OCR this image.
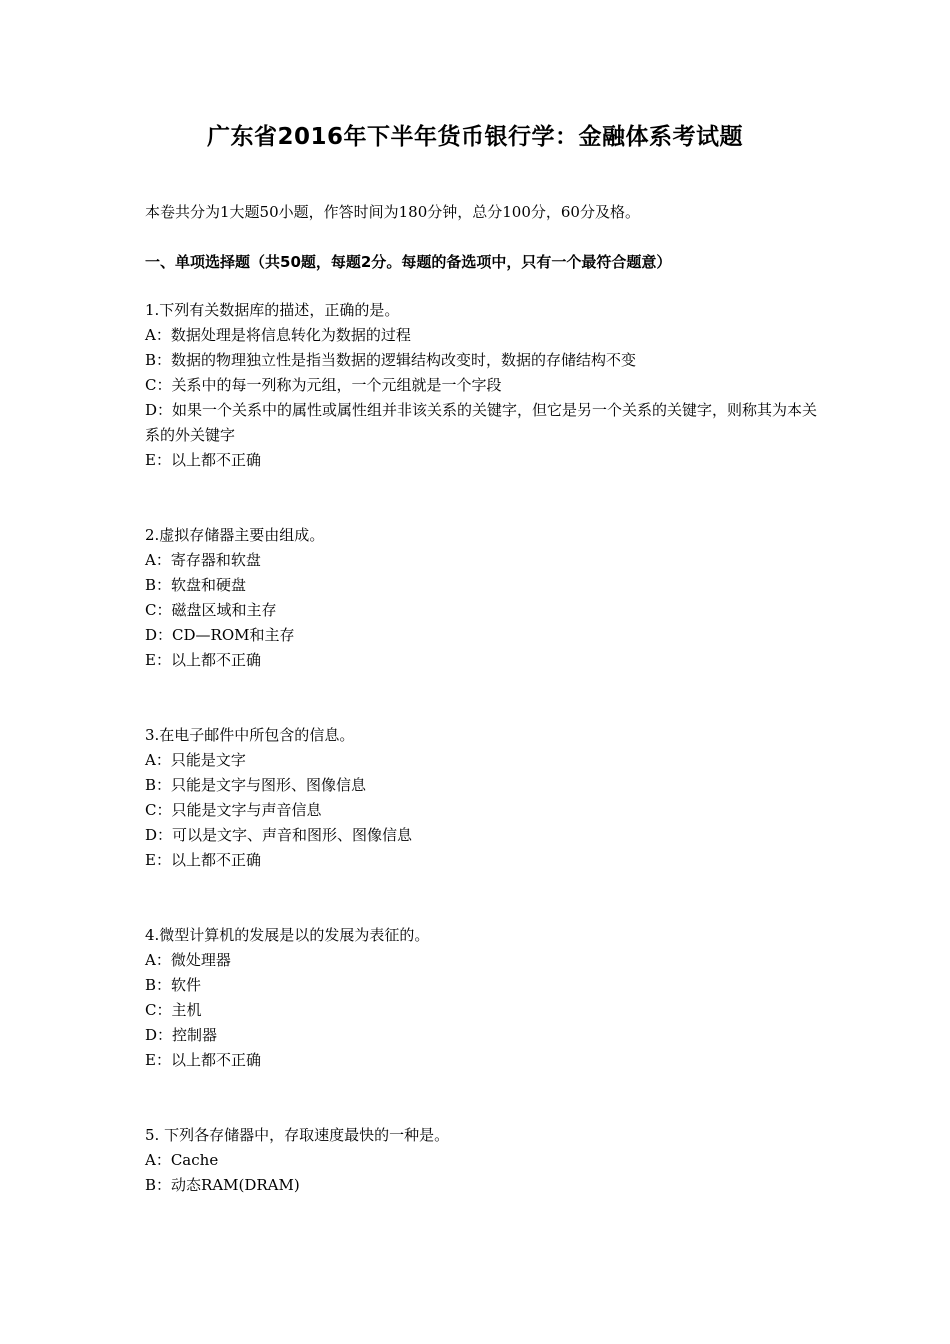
广东省2016年下半年货币银行学：金融体系考试题
本卷共分为1大题50小题，作答时间为180分钟，总分100分，60分及格。
一、单项选择题（共50题，每题2分。每题的备选项中，只有一个最符合题意）

1.下列有关数据库的描述，正确的是。

A：数据处理是将信息转化为数据的过程

B：数据的物理独立性是指当数据的逻辑结构改变时，数据的存储结构不变

C：关系中的每一列称为元组，一个元组就是一个字段

D：如果一个关系中的属性或属性组并非该关系的关键字，但它是另一个关系的关键字，则称其为本关系的外关键字

E：以上都不正确

2.虚拟存储器主要由组成。

A：寄存器和软盘

B：软盘和硬盘

C：磁盘区域和主存

D：CD—ROM和主存

E：以上都不正确

3.在电子邮件中所包含的信息。

A：只能是文字

B：只能是文字与图形、图像信息

C：只能是文字与声音信息

D：可以是文字、声音和图形、图像信息

E：以上都不正确

4.微型计算机的发展是以的发展为表征的。

A：微处理器

B：软件

C：主机

D：控制器

E：以上都不正确

5. 下列各存储器中，存取速度最快的一种是。

A：Cache

B：动态RAM(DRAM)
